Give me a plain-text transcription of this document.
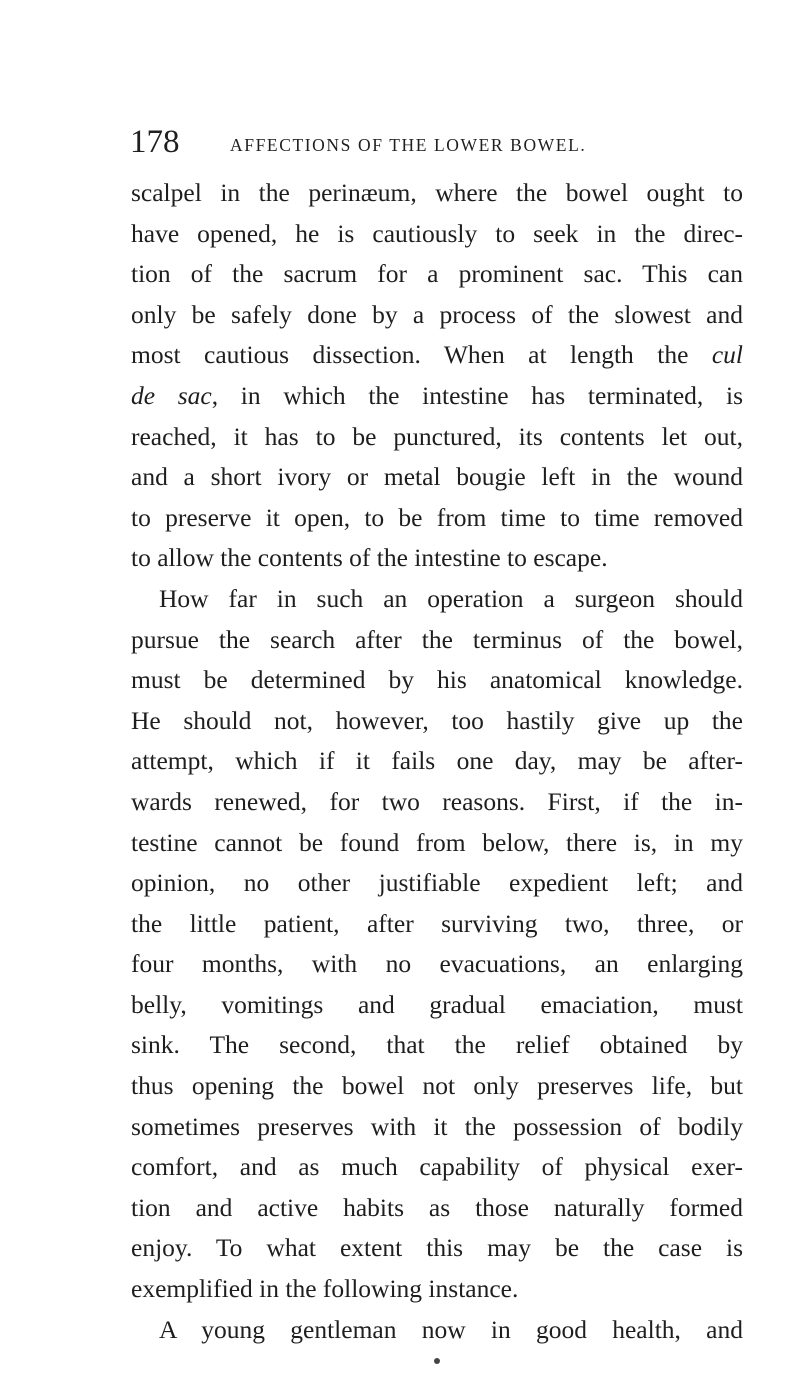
178	AFFECTIONS OF THE LOWER BOWEL.
scalpel in the perinæum, where the bowel ought to
have opened, he is cautiously to seek in the direc-
tion of the sacrum for a prominent sac. This can
only be safely done by a process of the slowest and
most cautious dissection. When at length the cul
de sac, in which the intestine has terminated, is
reached, it has to be punctured, its contents let out,
and a short ivory or metal bougie left in the wound
to preserve it open, to be from time to time removed
to allow the contents of the intestine to escape.
How far in such an operation a surgeon should
pursue the search after the terminus of the bowel,
must be determined by his anatomical knowledge.
He should not, however, too hastily give up the
attempt, which if it fails one day, may be after-
wards renewed, for two reasons. First, if the in-
testine cannot be found from below, there is, in my
opinion, no other justifiable expedient left; and
the little patient, after surviving two, three, or
four months, with no evacuations, an enlarging
belly, vomitings and gradual emaciation, must
sink. The second, that the relief obtained by
thus opening the bowel not only preserves life, but
sometimes preserves with it the possession of bodily
comfort, and as much capability of physical exer-
tion and active habits as those naturally formed
enjoy. To what extent this may be the case is
exemplified in the following instance.
A young gentleman now in good health, and
